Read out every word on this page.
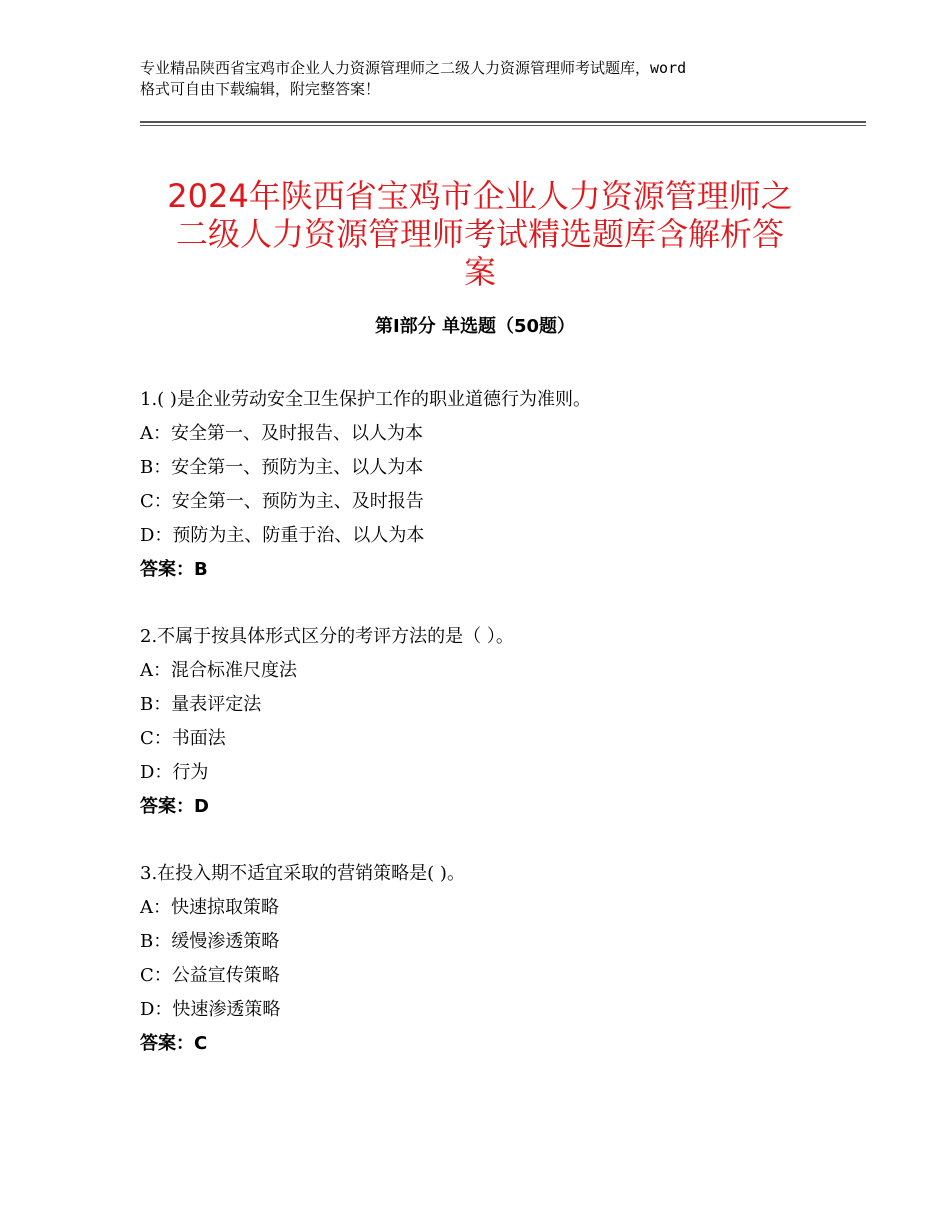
专业精品陕西省宝鸡市企业人力资源管理师之二级人力资源管理师考试题库，word
格式可自由下载编辑，附完整答案！
2024年陕西省宝鸡市企业人力资源管理师之
二级人力资源管理师考试精选题库含解析答
案
第Ⅰ部分 单选题（50题）
1.( )是企业劳动安全卫生保护工作的职业道德行为准则。
A：安全第一、及时报告、以人为本
B：安全第一、预防为主、以人为本
C：安全第一、预防为主、及时报告
D：预防为主、防重于治、以人为本
答案：B
2.不属于按具体形式区分的考评方法的是（ ）。
A：混合标准尺度法
B：量表评定法
C：书面法
D：行为
答案：D
3.在投入期不适宜采取的营销策略是( )。
A：快速掠取策略
B：缓慢渗透策略
C：公益宣传策略
D：快速渗透策略
答案：C
